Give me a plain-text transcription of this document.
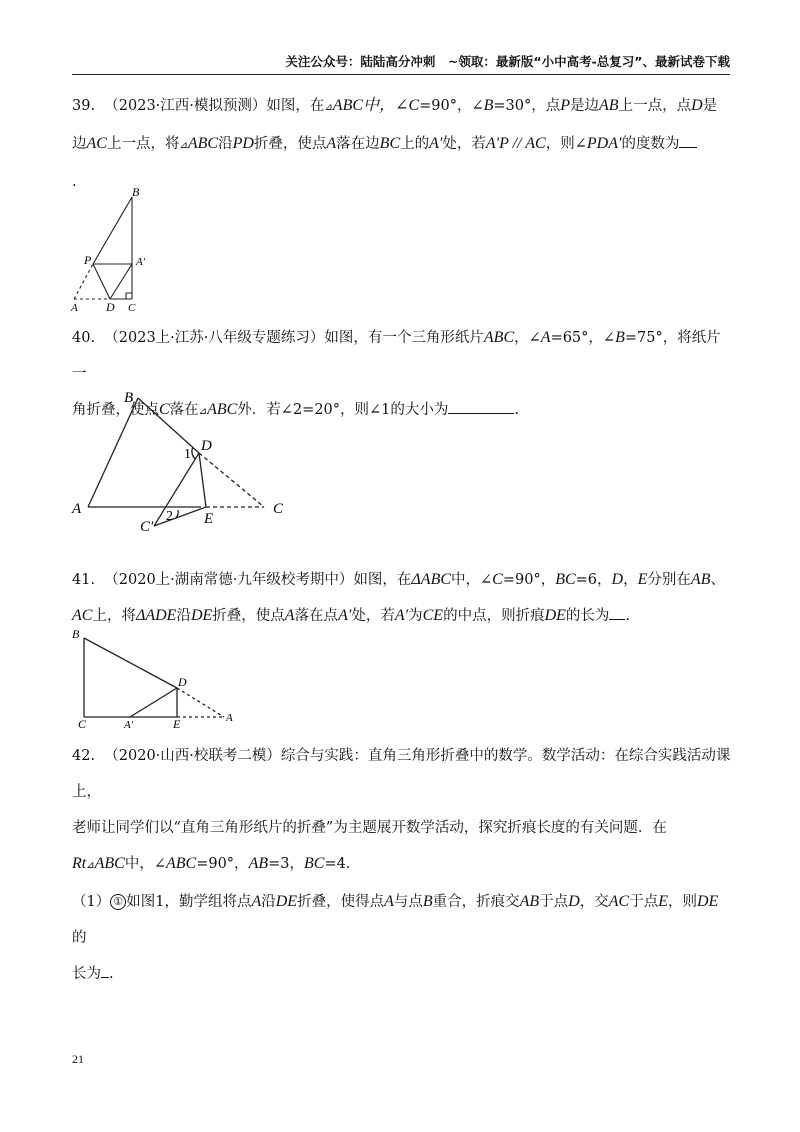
关注公众号：陆陆高分冲刺　~领取：最新版“小中高考-总复习”、最新试卷下载

39. （2023·江西·模拟预测）如图，在⊿ABC中，∠C=90°，∠B=30°，点P是边AB上一点，点D是
边AC上一点，将⊿ABC沿PD折叠，使点A落在边BC上的A′处，若A′P // AC，则∠PDA′的度数为
.

B
P	A′
A D C

40. （2023上·江苏·八年级专题练习）如图，有一个三角形纸片ABC，∠A=65°，∠B=75°，将纸片一
角折叠，使点C落在⊿ABC外．若∠2=20°，则∠1的大小为	.

B
D
1
A	C
C′
2 E

41. （2020上·湖南常德·九年级校考期中）如图，在ΔABC中，∠C=90°，BC=6，D，E分别在AB、
AC上，将ΔADE沿DE折叠，使点A落在点A′处，若A′为CE的中点，则折痕DE的长为 .

B
D
C	A′	E	A

42. （2020·山西·校联考二模）综合与实践：直角三角形折叠中的数学。数学活动：在综合实践活动课上，
老师让同学们以“直角三角形纸片的折叠”为主题展开数学活动，探究折痕长度的有关问题．在
Rt⊿ABC中，∠ABC=90°，AB=3，BC=4．
（1） ① 如图1，勤学组将点A沿DE折叠，使得点A与点B重合，折痕交AB于点D，交AC于点E，则DE的
长为 .

21
